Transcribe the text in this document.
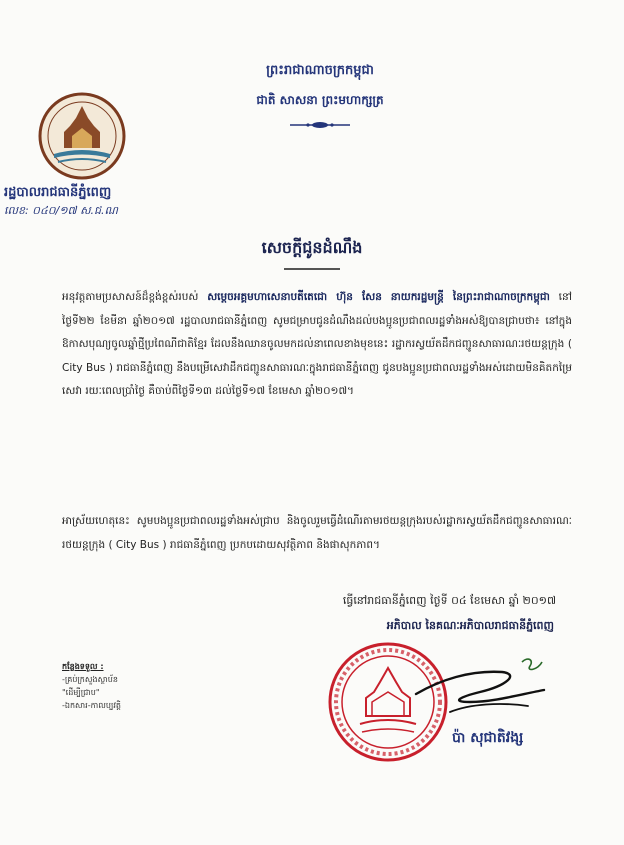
ព្រះរាជាណាចក្រកម្ពុជា
ជាតិ សាសនា ព្រះមហាក្សត្រ
រដ្ឋបាលរាជធានីភ្នំពេញ
លេខ: ០៤០/១៧ ស.ជ.ណ
សេចក្តីជូនដំណឹង
អនុវត្តតាមប្រសាសន៍ដ៏ខ្ពង់ខ្ពស់របស់ សម្តេចអគ្គមហាសេនាបតីតេជោ ហ៊ុន សែន នាយករដ្ឋមន្ត្រី នៃព្រះរាជាណាចក្រកម្ពុជា នៅថ្ងៃទី២២ ខែមីនា ឆ្នាំ២០១៧ រដ្ឋបាលរាជធានីភ្នំពេញ សូមជម្រាបជូនដំណឹងដល់បងប្អូនប្រជាពលរដ្ឋទាំងអស់ឱ្យបានជ្រាបថា៖ នៅក្នុងឱកាសបុណ្យចូលឆ្នាំថ្មីប្រពៃណីជាតិខ្មែរ ដែលនឹងឈានចូលមកដល់នាពេលខាងមុខនេះ រដ្ឋាករស្វយ័តដឹកជញ្ជូនសាធារណៈរថយន្តក្រុង ( City Bus ) រាជធានីភ្នំពេញ នឹងបម្រើសេវាដឹកជញ្ជូនសាធារណៈក្នុងរាជធានីភ្នំពេញ ជូនបងប្អូនប្រជាពលរដ្ឋទាំងអស់ដោយមិនគិតកម្រៃសេវា រយៈពេលប្រាំថ្ងៃ គឺចាប់ពីថ្ងៃទី១៣ ដល់ថ្ងៃទី១៧ ខែមេសា ឆ្នាំ២០១៧។
អាស្រ័យហេតុនេះ សូមបងប្អូនប្រជាពលរដ្ឋទាំងអស់ជ្រាប និងចូលរួមធ្វើដំណើរតាមរថយន្តក្រុងរបស់រដ្ឋាករស្វយ័តដឹកជញ្ជូនសាធារណៈរថយន្តក្រុង ( City Bus ) រាជធានីភ្នំពេញ ប្រកបដោយសុវត្ថិភាព និងផាសុកភាព។
ធ្វើនៅរាជធានីភ្នំពេញ ថ្ងៃទី ០៤ ខែមេសា ឆ្នាំ ២០១៧
អភិបាល នៃគណៈអភិបាលរាជធានីភ្នំពេញ
កន្លែងទទួល :
-គ្រប់ក្រសួងស្ថាប័ន
"ដើម្បីជ្រាប"
-ឯកសារ-កាលប្បវត្តិ
ប៉ា សុជាតិវង្ស
